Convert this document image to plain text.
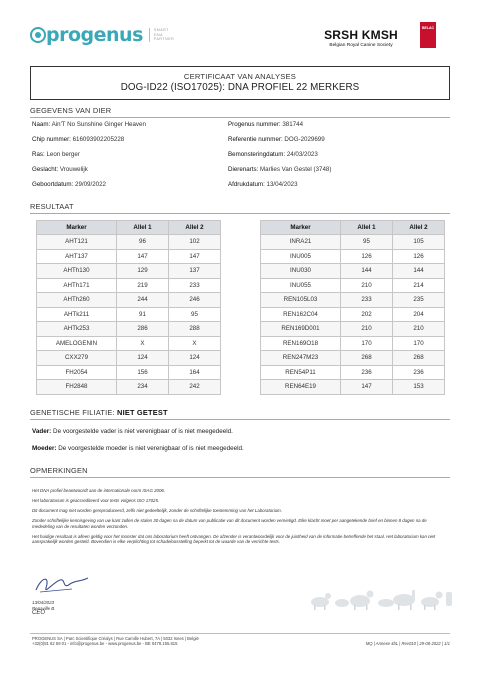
progenus	SMART
DNA
PARTNER	SRSH KMSH
Belgian Royal Canine Society
BELAC
CERTIFICAAT VAN ANALYSES
DOG-ID22 (ISO17025): DNA PROFIEL 22 MERKERS
GEGEVENS VAN DIER
Naam: Ain'T No Sunshine Ginger Heaven
Chip nummer: 616093902205228
Ras: Leon berger
Geslacht: Vrouwelijk
Geboortdatum: 29/09/2022
Progenus nummer: 381744
Referentie nummer: DOG-2029699
Bemonsteringdatum: 24/03/2023
Dierenarts: Marlies Van Gestel (3748)
Afdrukdatum: 13/04/2023
RESULTAAT
Marker	Allel 1	Allel 2
AHT121	96	102
AHT137	147	147
AHTh130	129	137
AHTh171	219	233
AHTh260	244	246
AHTk211	91	95
AHTk253	286	288
AMELOGENIN	X	X
CXX279	124	124
FH2054	156	164
FH2848	234	242
Marker	Allel 1	Allel 2
INRA21	95	105
INU005	126	126
INU030	144	144
INU055	210	214
REN105L03	233	235
REN162C04	202	204
REN169D001	210	210
REN169O18	170	170
REN247M23	268	268
REN54P11	236	236
REN64E19	147	153
GENETISCHE FILIATIE: NIET GETEST
Vader: De voorgestelde vader is niet verenigbaar of is niet meegedeeld.
Moeder: De voorgestelde moeder is niet verenigbaar of is niet meegedeeld.
OPMERKINGEN

Het DNA profiel beantwoordt aan de internationale norm ISAG 2006.

Het laboratorium is geaccrediteerd voor tests volgens ISO 17025.

Dit document mag niet worden gereproduceerd, zelfs niet gedeeltelijk, zonder de schriftelijke toestemming van het Laboratorium.

Zonder schriftelijke kennisgeving van uw kant zullen de stalen 30 dagen na de datum van publicatie van dit document worden vernietigd. Elke klacht moet per aangetekende brief en binnen 8 dagen na de mededeling van de resultaten worden verzonden.

Het huidige resultaat is alleen geldig voor het monster dat ons laboratorium heeft ontvangen. De afzender is verantwoordelijk voor de juistheid van de informatie betreffende het staal. Het laboratorium kan niet aansprakelijk worden gesteld. Bovendien is elke verplichting tot schadeloosstelling beperkt tot de waarde van de verrichte tests.

13/04/2023
Renaville B.
CEO
PROGENUS SA | Parc Scientifique Créalys | Rue Camille Hubert, 7A | 5032 Isnes | België
+32(0)81 62 59 01 - info@progenus.be - www.progenus.be - BE 0478.155.815	MQ | Annexe 4bL | Rev010 | 29-08-2022 | 1/1
